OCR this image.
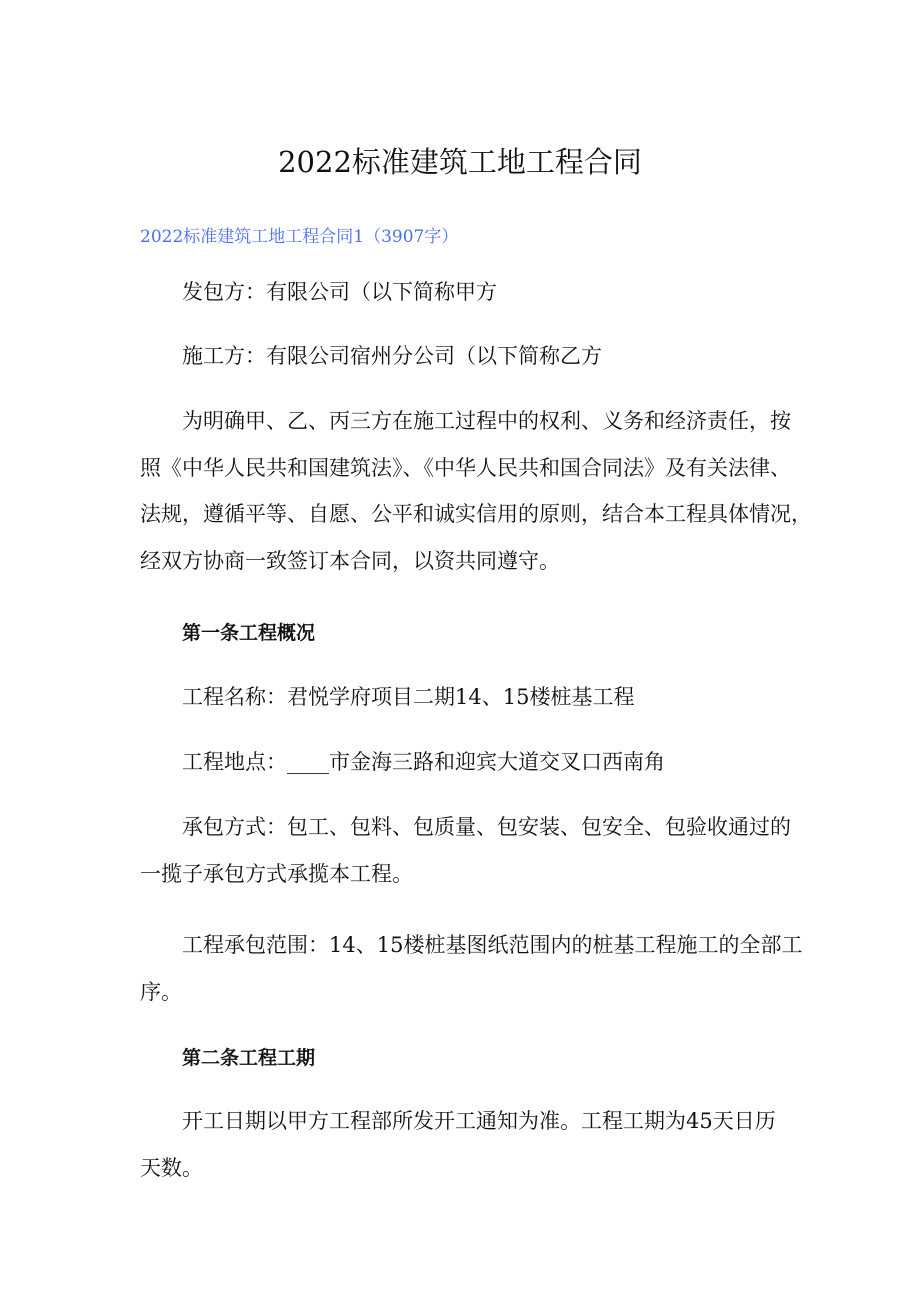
2022标准建筑工地工程合同
2022标准建筑工地工程合同1（3907字）
发包方：有限公司（以下简称甲方
施工方：有限公司宿州分公司（以下简称乙方
为明确甲、乙、丙三方在施工过程中的权利、义务和经济责任，按
照《中华人民共和国建筑法》、《中华人民共和国合同法》及有关法律、
法规，遵循平等、自愿、公平和诚实信用的原则，结合本工程具体情况，
经双方协商一致签订本合同，以资共同遵守。
第一条工程概况
工程名称：君悦学府项目二期14、15楼桩基工程
工程地点：____市金海三路和迎宾大道交叉口西南角
承包方式：包工、包料、包质量、包安装、包安全、包验收通过的
一揽子承包方式承揽本工程。
工程承包范围：14、15楼桩基图纸范围内的桩基工程施工的全部工
序。
第二条工程工期
开工日期以甲方工程部所发开工通知为准。工程工期为45天日历
天数。
